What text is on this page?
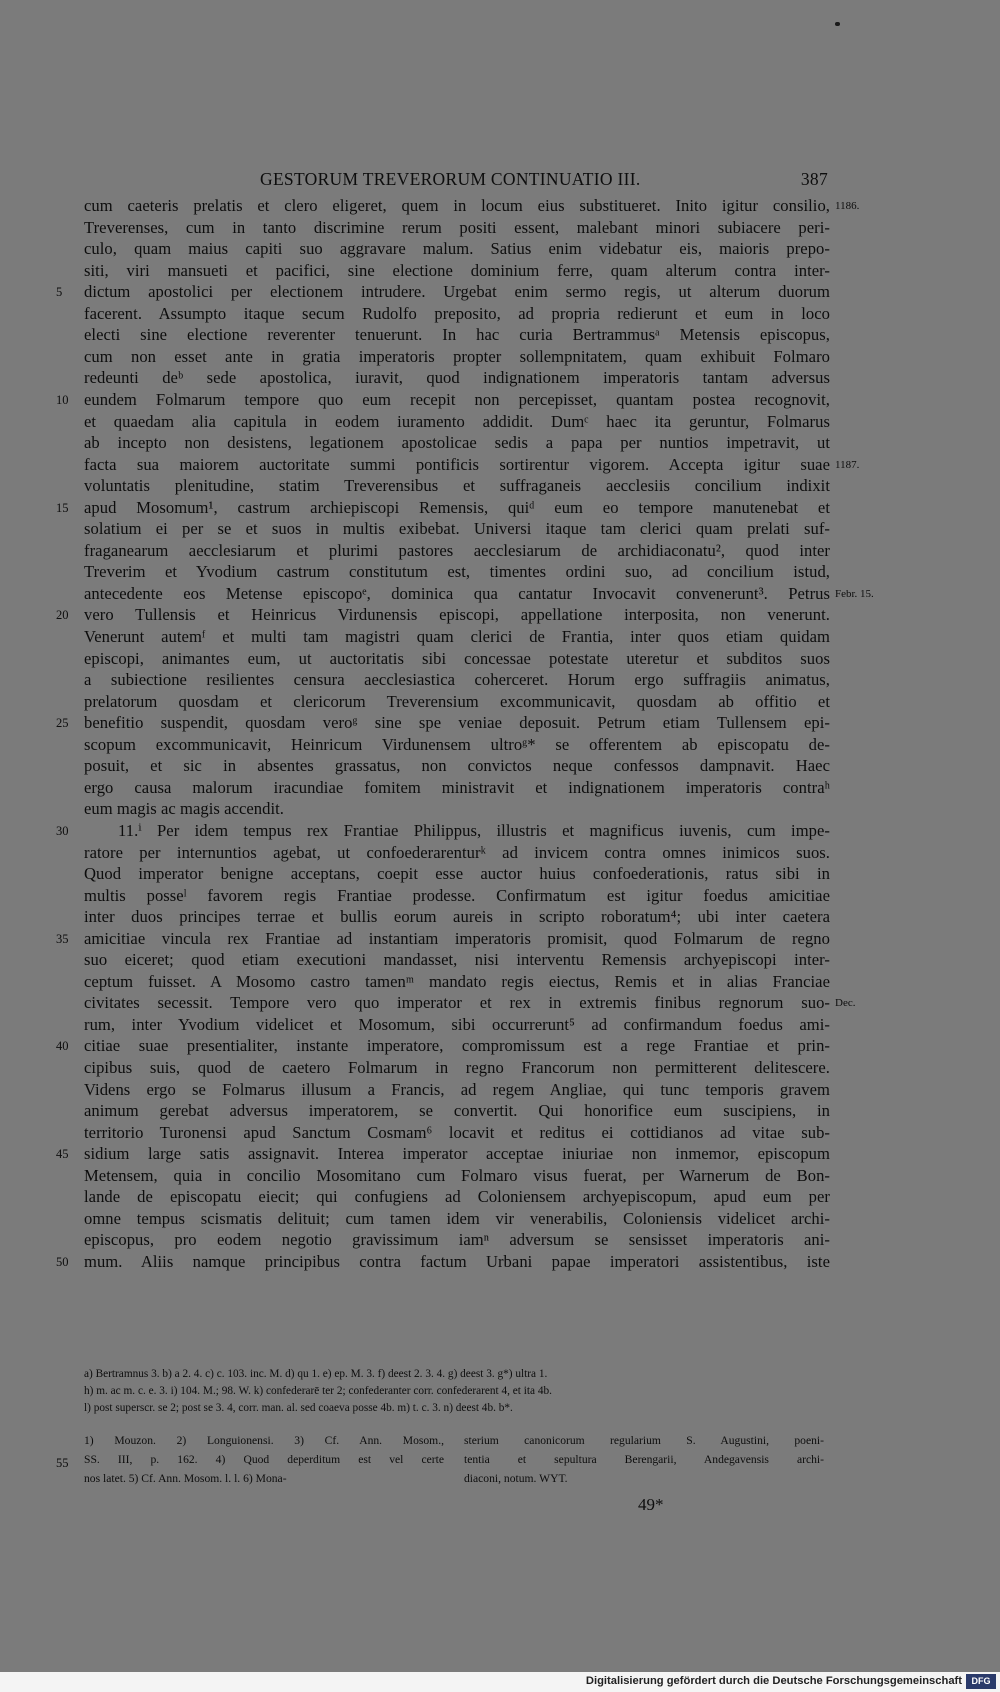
GESTORUM TREVERORUM CONTINUATIO III.	387
cum caeteris prelatis et clero eligeret, quem in locum eius substitueret. Inito igitur consilio, 1186.
Treverenses, cum in tanto discrimine rerum positi essent, malebant minori subiacere peri-
culo, quam maius capiti suo aggravare malum. Satius enim videbatur eis, maioris prepo-
siti, viri mansueti et pacifici, sine electione dominium ferre, quam alterum contra inter-
dictum apostolici per electionem intrudere. Urgebat enim sermo regis, ut alterum duorum
5
facerent. Assumpto itaque secum Rudolfo preposito, ad propria redierunt et eum in loco
electi sine electione reverenter tenuerunt. In hac curia Bertrammusᵃ Metensis episcopus,
cum non esset ante in gratia imperatoris propter sollempnitatem, quam exhibuit Folmaro
redeunti deᵇ sede apostolica, iuravit, quod indignationem imperatoris tantam adversus
eundem Folmarum tempore quo eum recepit non percepisset, quantam postea recognovit,
10
et quaedam alia capitula in eodem iuramento addidit. Dumᶜ haec ita geruntur, Folmarus
ab incepto non desistens, legationem apostolicae sedis a papa per nuntios impetravit, ut
facta sua maiorem auctoritate summi pontificis sortirentur vigorem. Accepta igitur suae 1187.
voluntatis plenitudine, statim Treverensibus et suffraganeis aecclesiis concilium indixit
apud Mosomum¹, castrum archiepiscopi Remensis, quiᵈ eum eo tempore manutenebat et
15
solatium ei per se et suos in multis exibebat. Universi itaque tam clerici quam prelati suf-
fraganearum aecclesiarum et plurimi pastores aecclesiarum de archidiaconatu², quod inter
Treverim et Yvodium castrum constitutum est, timentes ordini suo, ad concilium istud,
antecedente eos Metense episcopoᵉ, dominica qua cantatur Invocavit convenerunt³. Petrus Febr. 15.
vero Tullensis et Heinricus Virdunensis episcopi, appellatione interposita, non venerunt.
20
Venerunt autemᶠ et multi tam magistri quam clerici de Frantia, inter quos etiam quidam
episcopi, animantes eum, ut auctoritatis sibi concessae potestate uteretur et subditos suos
a subiectione resilientes censura aecclesiastica coherceret. Horum ergo suffragiis animatus,
prelatorum quosdam et clericorum Treverensium excommunicavit, quosdam ab offitio et
benefitio suspendit, quosdam veroᵍ sine spe veniae deposuit. Petrum etiam Tullensem epi-
25
scopum excommunicavit, Heinricum Virdunensem ultroᵍ* se offerentem ab episcopatu de-
posuit, et sic in absentes grassatus, non convictos neque confessos dampnavit. Haec
ergo causa malorum iracundiae fomitem ministravit et indignationem imperatoris contraʰ
eum magis ac magis accendit.
11.ⁱ Per idem tempus rex Frantiae Philippus, illustris et magnificus iuvenis, cum impe-
30
ratore per internuntios agebat, ut confoederarenturᵏ ad invicem contra omnes inimicos suos.
Quod imperator benigne acceptans, coepit esse auctor huius confoederationis, ratus sibi in
multis posseˡ favorem regis Frantiae prodesse. Confirmatum est igitur foedus amicitiae
inter duos principes terrae et bullis eorum aureis in scripto roboratum⁴; ubi inter caetera
amicitiae vincula rex Frantiae ad instantiam imperatoris promisit, quod Folmarum de regno
35
suo eiceret; quod etiam executioni mandasset, nisi interventu Remensis archyepiscopi inter-
ceptum fuisset. A Mosomo castro tamenᵐ mandato regis eiectus, Remis et in alias Franciae
civitates secessit. Tempore vero quo imperator et rex in extremis finibus regnorum suo- Dec.
rum, inter Yvodium videlicet et Mosomum, sibi occurrerunt⁵ ad confirmandum foedus ami-
citiae suae presentialiter, instante imperatore, compromissum est a rege Frantiae et prin-
40
cipibus suis, quod de caetero Folmarum in regno Francorum non permitterent delitescere.
Videns ergo se Folmarus illusum a Francis, ad regem Angliae, qui tunc temporis gravem
animum gerebat adversus imperatorem, se convertit. Qui honorifice eum suscipiens, in
territorio Turonensi apud Sanctum Cosmam⁶ locavit et reditus ei cottidianos ad vitae sub-
sidium large satis assignavit. Interea imperator acceptae iniuriae non inmemor, episcopum
45
Metensem, quia in concilio Mosomitano cum Folmaro visus fuerat, per Warnerum de Bon-
lande de episcopatu eiecit; qui confugiens ad Coloniensem archyepiscopum, apud eum per
omne tempus scismatis delituit; cum tamen idem vir venerabilis, Coloniensis videlicet archi-
episcopus, pro eodem negotio gravissimum iamⁿ adversum se sensisset imperatoris ani-
mum. Aliis namque principibus contra factum Urbani papae imperatori assistentibus, iste
50
a) Bertramnus 3. b) a 2. 4. c) c. 103. inc. M. d) qu 1. e) ep. M. 3. f) deest 2. 3. 4. g) deest 3. g*) ultra 1.
h) m. ac m. c. e. 3. i) 104. M.; 98. W. k) confederarē ter 2; confederanter corr. confederarent 4, et ita 4b.
l) post superscr. se 2; post se 3. 4, corr. man. al. sed coaeva posse 4b. m) t. c. 3. n) deest 4b. b*.
1) Mouzon. 2) Longuionensi. 3) Cf. Ann. Mosom.,
SS. III, p. 162. 4) Quod deperditum est vel certe
nos latet. 5) Cf. Ann. Mosom. l. l. 6) Mona-
sterium canonicorum regularium S. Augustini, poeni-
tentia et sepultura Berengarii, Andegavensis archi-
diaconi, notum. WYT.
55
49*
Digitalisierung gefördert durch die Deutsche Forschungsgemeinschaft	DFG
